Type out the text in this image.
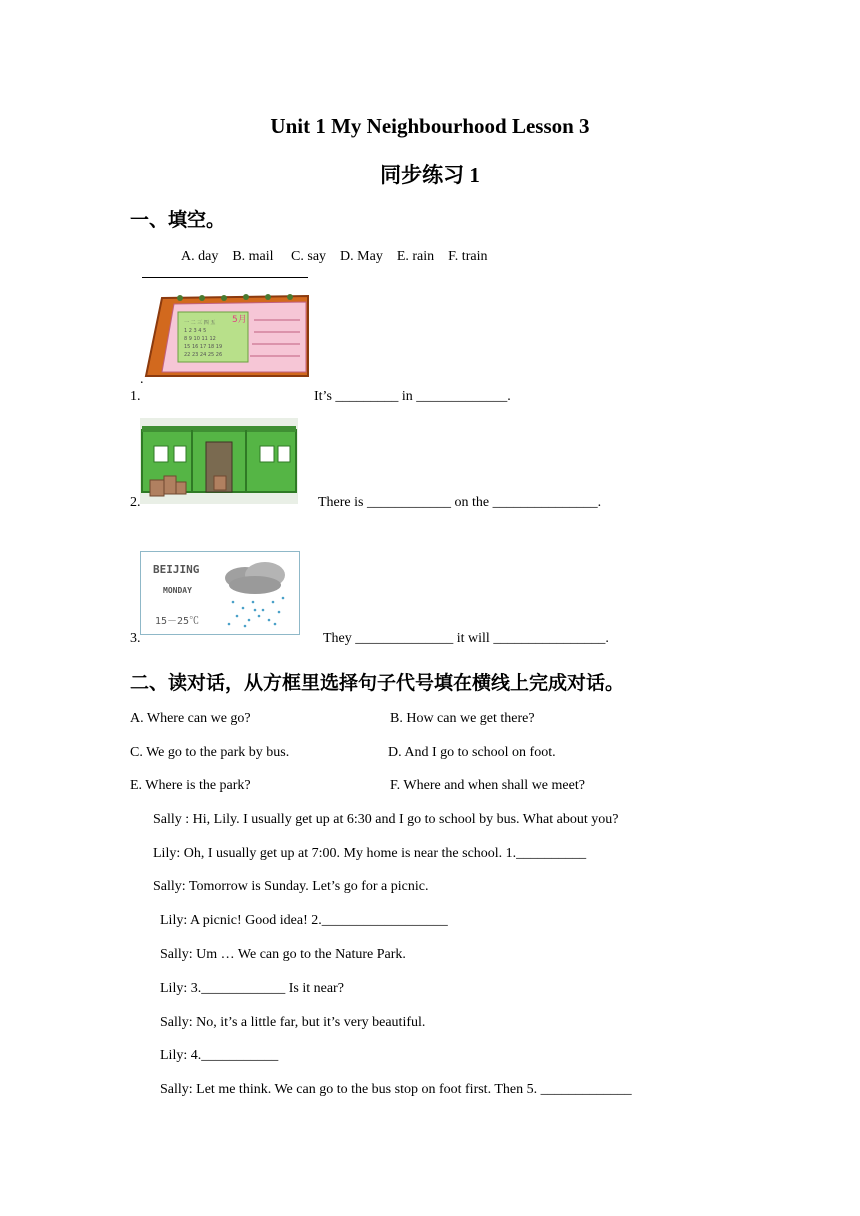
Unit 1 My Neighbourhood Lesson 3
同步练习 1
一、填空。
A. day    B. mail     C. say    D. May    E. rain    F. train
一 二 三 四 五
1 2 3 4 5
8 9 10 11 12
15 16 17 18 19
22 23 24 25 26
5月
.
1.	It’s _________ in _____________.
2.	There is ____________ on the _______________.
BEIJING
MONDAY
15－25℃
3.	They ______________ it will ________________.
二、读对话，从方框里选择句子代号填在横线上完成对话。
A. Where can we go?	B. How can we get there?
C. We go to the park by bus.	D. And I go to school on foot.
E. Where is the park?	F. Where and when shall we meet?
Sally : Hi, Lily. I usually get up at 6:30 and I go to school by bus. What about you?
Lily: Oh, I usually get up at 7:00. My home is near the school. 1.__________
Sally: Tomorrow is Sunday. Let’s go for a picnic.
Lily: A picnic! Good idea! 2.__________________
Sally: Um … We can go to the Nature Park.
Lily: 3.____________ Is it near?
Sally: No, it’s a little far, but it’s very beautiful.
Lily: 4.___________
Sally: Let me think. We can go to the bus stop on foot first. Then 5. _____________
